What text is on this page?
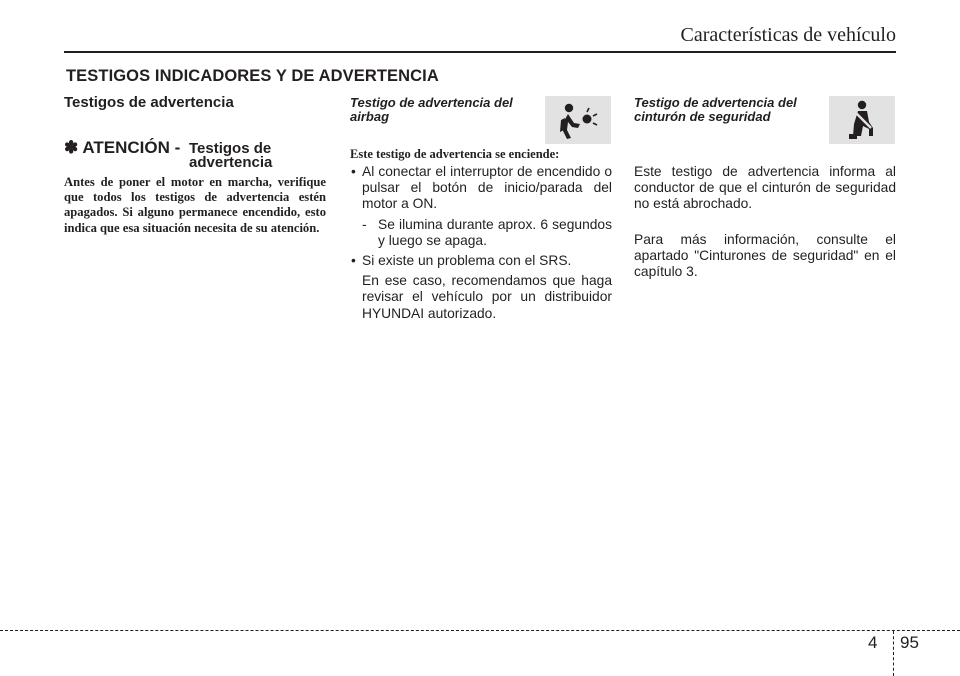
Características de vehículo
TESTIGOS INDICADORES Y DE ADVERTENCIA
Testigos de advertencia
✽ ATENCIÓN - Testigos de
advertencia

Antes de poner el motor en marcha, verifique que todos los testigos de advertencia estén apagados. Si alguno permanece encendido, esto indica que esa situación necesita de su atención.

Testigo de advertencia del
airbag
Este testigo de advertencia se enciende:
• Al conectar el interruptor de encendido o pulsar el botón de inicio/parada del motor a ON.
- Se ilumina durante aprox. 6 segundos y luego se apaga.
• Si existe un problema con el SRS.
En ese caso, recomendamos que haga revisar el vehículo por un distribuidor HYUNDAI autorizado.
Testigo de advertencia del
cinturón de seguridad

Este testigo de advertencia informa al conductor de que el cinturón de seguridad no está abrochado.

Para más información, consulte el apartado "Cinturones de seguridad" en el capítulo 3.

4 95
